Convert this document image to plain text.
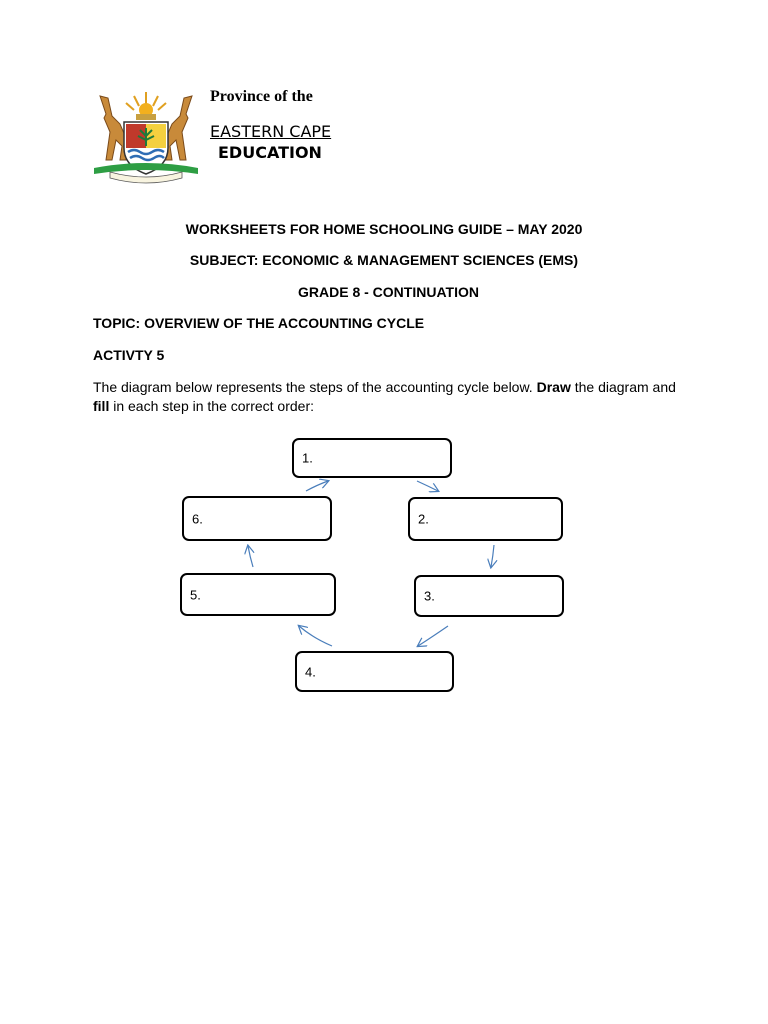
Province of the
EASTERN CAPE
EDUCATION
WORKSHEETS FOR HOME SCHOOLING GUIDE – MAY 2020
SUBJECT: ECONOMIC & MANAGEMENT SCIENCES (EMS)
GRADE 8 - CONTINUATION
TOPIC: OVERVIEW OF THE ACCOUNTING CYCLE
ACTIVTY 5
The diagram below represents the steps of the accounting cycle below. Draw the diagram and fill in each step in the correct order:
1.
2.
3.
4.
5.
6.
